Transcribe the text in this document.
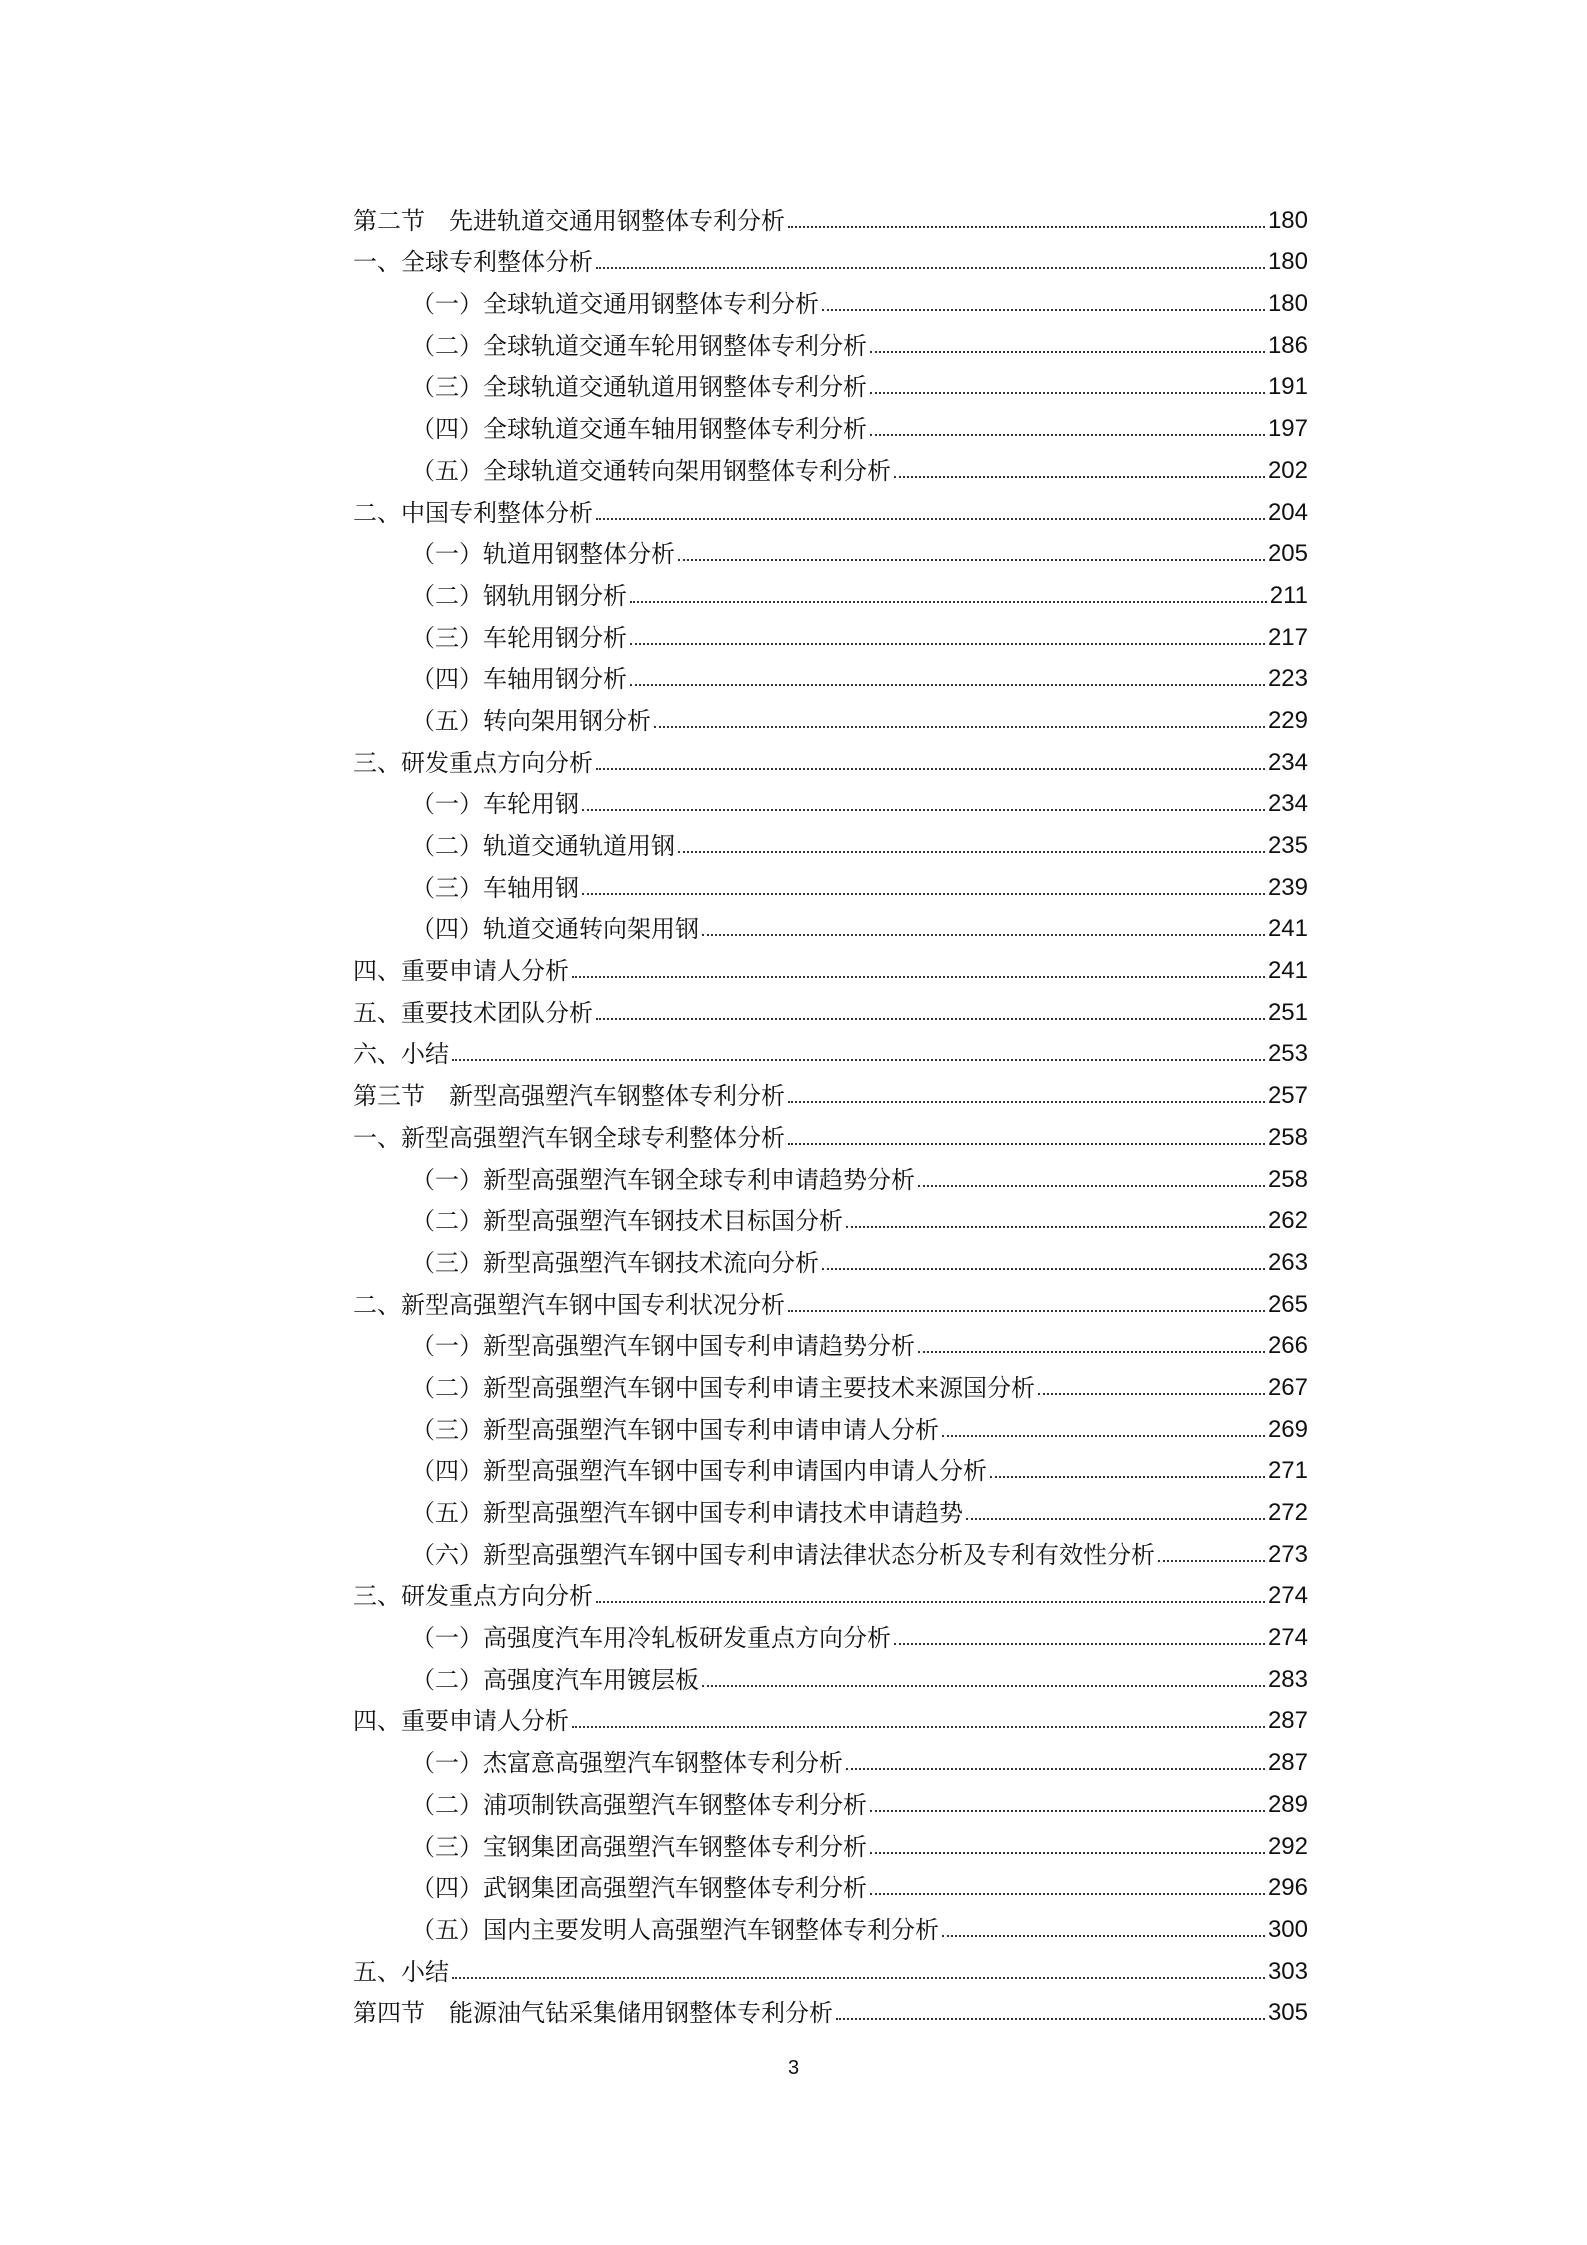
第二节　先进轨道交通用钢整体专利分析	180
一、全球专利整体分析	180
（一）全球轨道交通用钢整体专利分析	180
（二）全球轨道交通车轮用钢整体专利分析	186
（三）全球轨道交通轨道用钢整体专利分析	191
（四）全球轨道交通车轴用钢整体专利分析	197
（五）全球轨道交通转向架用钢整体专利分析	202
二、中国专利整体分析	204
（一）轨道用钢整体分析	205
（二）钢轨用钢分析	211
（三）车轮用钢分析	217
（四）车轴用钢分析	223
（五）转向架用钢分析	229
三、研发重点方向分析	234
（一）车轮用钢	234
（二）轨道交通轨道用钢	235
（三）车轴用钢	239
（四）轨道交通转向架用钢	241
四、重要申请人分析	241
五、重要技术团队分析	251
六、小结	253
第三节　新型高强塑汽车钢整体专利分析	257
一、新型高强塑汽车钢全球专利整体分析	258
（一）新型高强塑汽车钢全球专利申请趋势分析	258
（二）新型高强塑汽车钢技术目标国分析	262
（三）新型高强塑汽车钢技术流向分析	263
二、新型高强塑汽车钢中国专利状况分析	265
（一）新型高强塑汽车钢中国专利申请趋势分析	266
（二）新型高强塑汽车钢中国专利申请主要技术来源国分析	267
（三）新型高强塑汽车钢中国专利申请申请人分析	269
（四）新型高强塑汽车钢中国专利申请国内申请人分析	271
（五）新型高强塑汽车钢中国专利申请技术申请趋势	272
（六）新型高强塑汽车钢中国专利申请法律状态分析及专利有效性分析	273
三、研发重点方向分析	274
（一）高强度汽车用冷轧板研发重点方向分析	274
（二）高强度汽车用镀层板	283
四、重要申请人分析	287
（一）杰富意高强塑汽车钢整体专利分析	287
（二）浦项制铁高强塑汽车钢整体专利分析	289
（三）宝钢集团高强塑汽车钢整体专利分析	292
（四）武钢集团高强塑汽车钢整体专利分析	296
（五）国内主要发明人高强塑汽车钢整体专利分析	300
五、小结	303
第四节　能源油气钻采集储用钢整体专利分析	305
3
